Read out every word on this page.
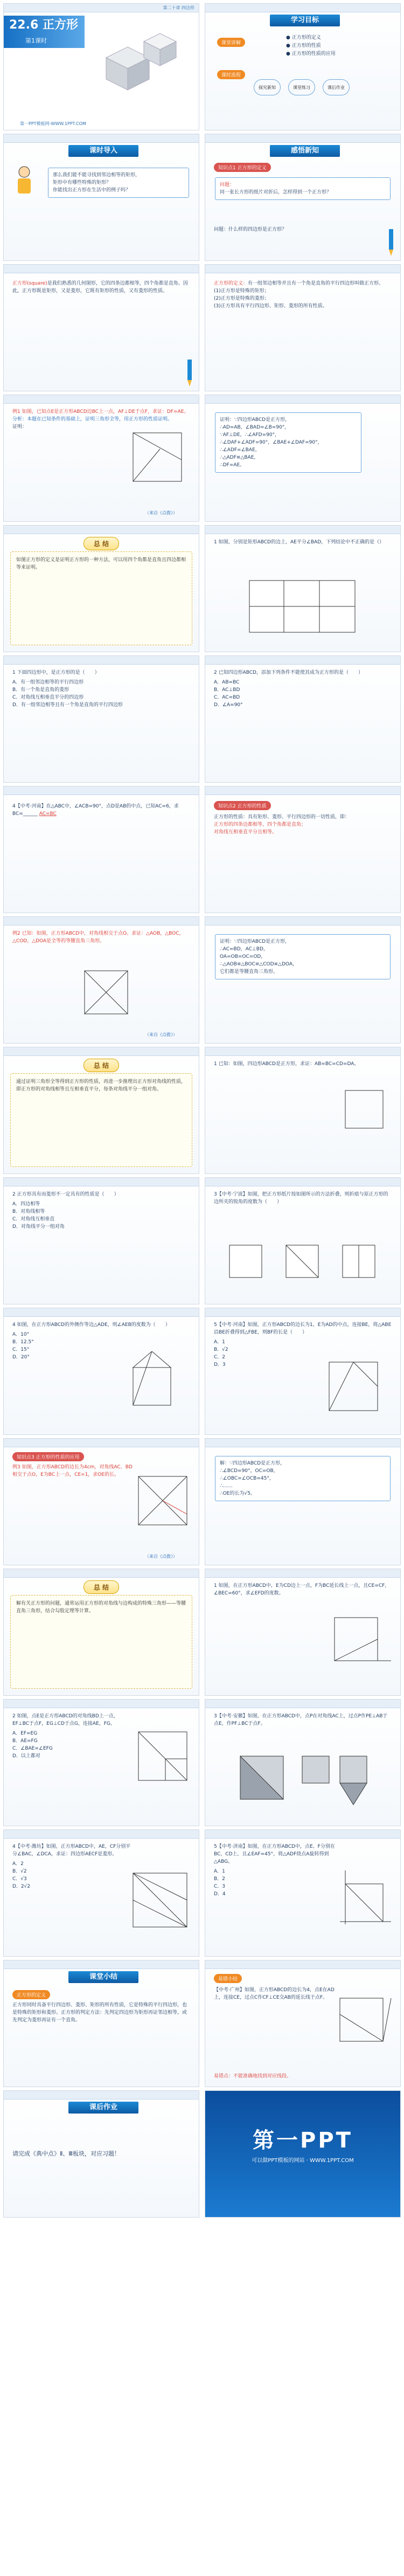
第二十章 四边形
22.6 正方形
第1课时
第一PPT模板网-WWW.1PPT.COM
学习目标
课堂讲解
● 正方形的定义
● 正方形的性质
● 正方形的性质的应用
课时流程
探究新知	课堂练习	课后作业
课时导入
那么我们能不能寻找到邻边相等的矩形，
矩形中有哪些特殊的矩形？
你能找出正方形在生活中的例子吗？
感悟新知
知识点1 正方形的定义
问题：
同一张长方形的纸片对折后，怎样得到一个正方形？
问题：什么样的四边形是正方形？
正方形(square)是我们熟悉的几何图形，它的四条边都相等，四个角都是直角。因此，正方形既是矩形，又是菱形，它既有矩形的性质，又有菱形的性质。
正方形的定义：有一组邻边相等并且有一个角是直角的平行四边形叫做正方形。
(1)正方形是特殊的矩形；
(2)正方形是特殊的菱形；
(3)正方形具有平行四边形、矩形、菱形的所有性质。
例1 如图，已知点E是正方形ABCD边BC上一点，AF⊥DE于点F，求证：DF=AE。
分析：本题在已知条件的基础上，证明三角形全等，用正方形的性质证明。
证明：
（来自《点拨》）
证明：∵四边形ABCD是正方形，
∴AD=AB，∠BAD=∠B=90°，
∵AF⊥DE，∴∠AFD=90°，
∴∠DAF+∠ADF=90°，∠BAE+∠DAF=90°，
∴∠ADF=∠BAE，
∴△ADF≌△BAE，
∴DF=AE。
总 结
如图正方形的定义是证明正方形的一种方法，可以用四个角都是直角且四边都相等来证明。
1 如图，分别是矩形ABCD的边上，AE平分∠BAD，下列结论中不正确的是（）
1 下面四边形中，是正方形的是（　　）
A．有一组邻边相等的平行四边形
B．有一个角是直角的菱形
C．对角线互相垂直平分的四边形
D．有一组邻边相等且有一个角是直角的平行四边形
2 已知四边形ABCD，添加下列条件不能使其成为正方形的是（　　）
A．AB=BC
B．AC⊥BD
C．AC=BD
D．∠A=90°
4【中考·河南】在△ABC中，∠ACB=90°，点D是AB的中点，已知AC=6，求BC=______ AC=BC
知识点2 正方形的性质
正方形的性质：具有矩形、菱形、平行四边形的一切性质，即：
正方形的四条边都相等，四个角都是直角；
对角线互相垂直平分且相等。
例2 已知：如图，正方形ABCD中，对角线相交于点O。求证：△AOB，△BOC，△COD，△DOA是全等的等腰直角三角形。
（来自《点拨》）
证明：∵四边形ABCD是正方形，
∴AC=BD，AC⊥BD，
OA=OB=OC=OD，
∴△AOB≌△BOC≌△COD≌△DOA，
它们都是等腰直角三角形。
总 结
通过证明三角形全等得到正方形的性质，再进一步推理出正方形对角线的性质，即正方形的对角线相等且互相垂直平分，每条对角线平分一组对角。
1 已知：如图，四边形ABCD是正方形，求证：AB=BC=CD=DA。
2 正方形具有而菱形不一定具有的性质是（　　）
A．四边相等
B．对角线相等
C．对角线互相垂直
D．对角线平分一组对角
3【中考·宁波】如图，把正方形纸片按如图所示的方法折叠，则折痕与原正方形的边所夹的锐角的度数为（　　）
4 如图，在正方形ABCD的外侧作等边△ADE，则∠AEB的度数为（　　）
A．10°
B．12.5°
C．15°
D．20°
5【中考·河南】如图，正方形ABCD的边长为1，E为AD的中点，连接BE，将△ABE沿BE折叠得到△FBE，则BF的长是（　　）
A．1
B．√2
C．2
D．3
知识点3 正方形的性质的应用
例3 如图，正方形ABCD的边长为4cm，对角线AC、BD相交于点O，E为BC上一点，CE=1，求OE的长。
（来自《点拨》）
解：∵四边形ABCD是正方形，
∴∠BCD=90°，OC=OB，
∴∠OBC=∠OCB=45°，
∴……
∴OE的长为√5。
总 结
解有关正方形的问题，通常运用正方形的对角线与边构成的特殊三角形——等腰直角三角形，结合勾股定理等计算。
1 如图，在正方形ABCD中，E为CD边上一点，F为BC延长线上一点，且CE=CF，∠BEC=60°，求∠EFD的度数。
2 如图，点E是正方形ABCD的对角线BD上一点，EF⊥BC于点F，EG⊥CD于点G，连接AE，FG。
A．EF=EG
B．AE=FG
C．∠BAE=∠EFG
D．以上都对
3【中考·安徽】如图，在正方形ABCD中，点P在对角线AC上，过点P作PE⊥AB于点E，作PF⊥BC于点F。
4【中考·潍坊】如图，正方形ABCD中，AE，CF分别平分∠BAC，∠DCA，求证：四边形AECF是菱形。
A．2
B．√2
C．√3
D．2√2
5【中考·济南】如图，在正方形ABCD中，点E、F分别在BC、CD上，且∠EAF=45°，将△ADF绕点A旋转得到△ABG。
A．1
B．2
C．3
D．4
课堂小结
正方形的定义
正方形同时具备平行四边形、菱形、矩形的所有性质，它是特殊的平行四边形，也是特殊的矩形和菱形。正方形的判定方法：先判定四边形为矩形再证邻边相等，或先判定为菱形再证有一个直角。
易错小结
【中考·广州】如图，正方形ABCD的边长为4，点E在AD上，连接CE，过点C作CF⊥CE交AB的延长线于点F。
易错点：不能准确地找到对应线段。
课后作业
请完成《典中点》Ⅱ、Ⅲ板块，对应习题！
第一PPT
可以做PPT模板的网站 · WWW.1PPT.COM
